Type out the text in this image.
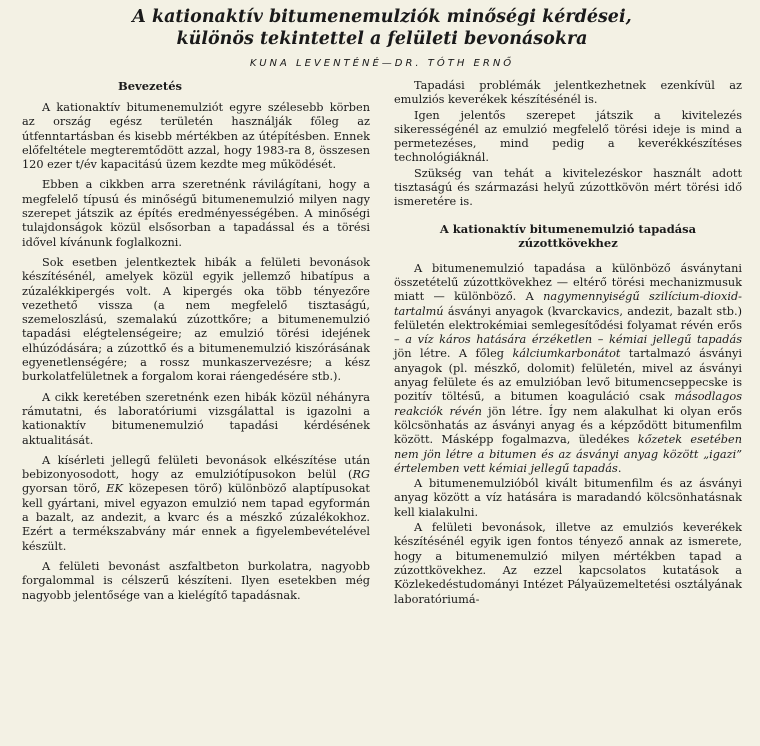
A kationaktív bitumenemulziók minőségi kérdései,
különös tekintettel a felületi bevonásokra
KUNA LEVENTÉNÉ—DR. TÓTH ERNŐ
Bevezetés

A kationaktív bitumenemulziót egyre szélesebb körben az ország egész területén használják főleg az útfenntartásban és kisebb mértékben az útépítésben. Ennek előfeltétele megteremtődött azzal, hogy 1983-ra 8, összesen 120 ezer t/év kapacitású üzem kezdte meg működését.

Ebben a cikkben arra szeretnénk rávilágítani, hogy a megfelelő típusú és minőségű bitumenemulzió milyen nagy szerepet játszik az építés eredményességében. A minőségi tulajdonságok közül elsősorban a tapadással és a törési idővel kívánunk foglalkozni.

Sok esetben jelentkeztek hibák a felületi bevonások készítésénél, amelyek közül egyik jellemző hibatípus a zúzalékkipergés volt. A kipergés oka több tényezőre vezethető vissza (a nem megfelelő tisztaságú, szemeloszlású, szemalakú zúzottkőre; a bitumenemulzió tapadási elégtelenségeire; az emulzió törési idejének elhúzódására; a zúzottkő és a bitumenemulzió kiszórásának egyenetlenségére; a rossz munkaszervezésre; a kész burkolatfelületnek a forgalom korai ráengedésére stb.).

A cikk keretében szeretnénk ezen hibák közül néhányra rámutatni, és laboratóriumi vizsgálattal is igazolni a kationaktív bitumenemulzió tapadási kérdésének aktualitását.

A kísérleti jellegű felületi bevonások elkészítése után bebizonyosodott, hogy az emulziótípusokon belül (RG gyorsan törő, EK közepesen törő) különböző alaptípusokat kell gyártani, mivel egyazon emulzió nem tapad egyformán a bazalt, az andezit, a kvarc és a mészkő zúzalékokhoz. Ezért a termékszabvány már ennek a figyelembevételével készült.

A felületi bevonást aszfaltbeton burkolatra, nagyobb forgalommal is célszerű készíteni. Ilyen esetekben még nagyobb jelentősége van a kielégítő tapadásnak.

Tapadási problémák jelentkezhetnek ezenkívül az emulziós keverékek készítésénél is.

Igen jelentős szerepet játszik a kivitelezés sikerességénél az emulzió megfelelő törési ideje is mind a permetezéses, mind pedig a keverékkészítéses technológiáknál.

Szükség van tehát a kivitelezéskor használt adott tisztaságú és származási helyű zúzottkövön mért törési idő ismeretére is.

A kationaktív bitumenemulzió tapadása
zúzottkövekhez

A bitumenemulzió tapadása a különböző ásványtani összetételű zúzottkövekhez — eltérő törési mechanizmusuk miatt — különböző. A nagymennyiségű szilícium-dioxid-tartalmú ásványi anyagok (kvarckavics, andezit, bazalt stb.) felületén elektrokémiai semlegesítődési folyamat révén erős – a víz káros hatására érzéketlen – kémiai jellegű tapadás jön létre. A főleg kálciumkarbonátot tartalmazó ásványi anyagok (pl. mészkő, dolomit) felületén, mivel az ásványi anyag felülete és az emulzióban levő bitumencseppecske is pozitív töltésű, a bitumen koaguláció csak másodlagos reakciók révén jön létre. Így nem alakulhat ki olyan erős kölcsönhatás az ásványi anyag és a képződött bitumenfilm között. Másképp fogalmazva, üledékes kőzetek esetében nem jön létre a bitumen és az ásványi anyag között „igazi” értelemben vett kémiai jellegű tapadás.

A bitumenemulzióból kivált bitumenfilm és az ásványi anyag között a víz hatására is maradandó kölcsönhatásnak kell kialakulni.

A felületi bevonások, illetve az emulziós keverékek készítésénél egyik igen fontos tényező annak az ismerete, hogy a bitumenemulzió milyen mértékben tapad a zúzottkövekhez. Az ezzel kapcsolatos kutatások a Közlekedéstudományi Intézet Pályaüzemeltetési osztályának laboratóriumá-
